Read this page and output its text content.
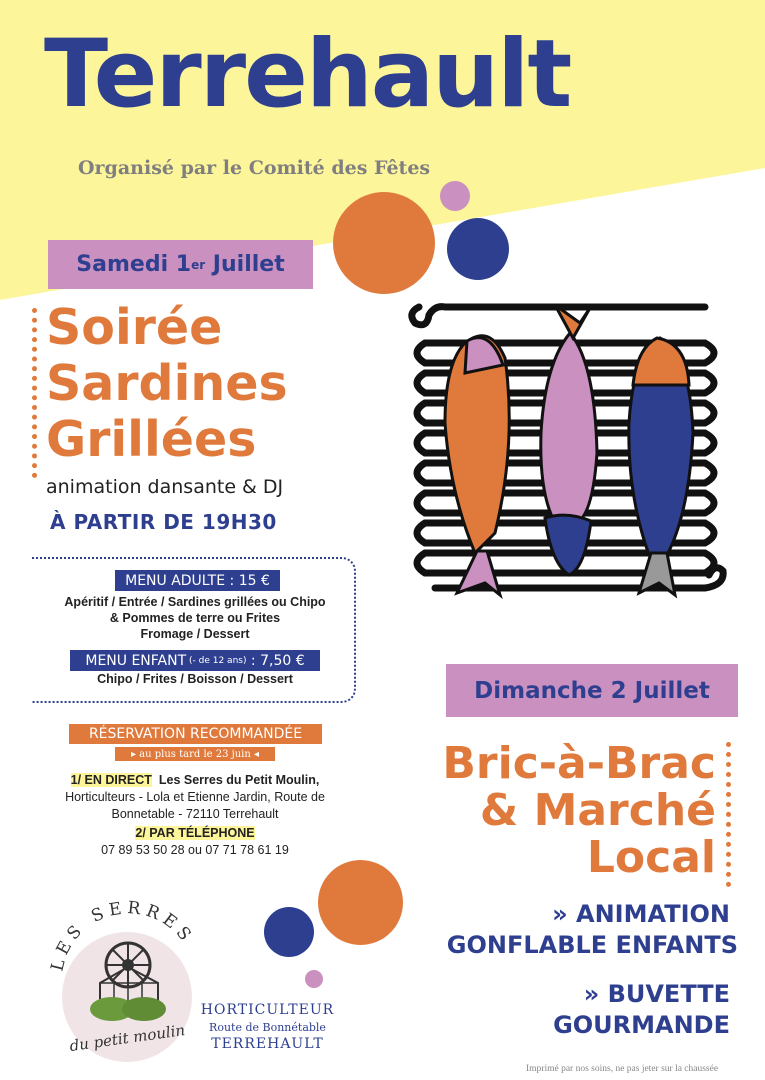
Terrehault
Organisé par le Comité des Fêtes
Samedi 1 er Juillet
Soirée
Sardines
Grillées
animation dansante & DJ
À PARTIR DE 19H30
MENU ADULTE : 15 €
Apéritif / Entrée / Sardines grillées ou Chipo
& Pommes de terre ou Frites
Fromage / Dessert
MENU ENFANT (- de 12 ans) : 7,50 €
Chipo / Frites / Boisson / Dessert
RÉSERVATION RECOMMANDÉE
▸ au plus tard le 23 juin ◂
1/ EN DIRECT Les Serres du Petit Moulin,
Horticulteurs - Lola et Etienne Jardin, Route de
Bonnetable - 72110 Terrehault
2/ PAR TÉLÉPHONE
07 89 53 50 28 ou 07 71 78 61 19
LES SERRES
du petit moulin
HORTICULTEUR
Route de Bonnétable
TERREHAULT
Dimanche 2 Juillet
Bric-à-Brac
& Marché
Local
» ANIMATION
GONFLABLE ENFANTS
» BUVETTE
GOURMANDE
Imprimé par nos soins, ne pas jeter sur la chaussée
